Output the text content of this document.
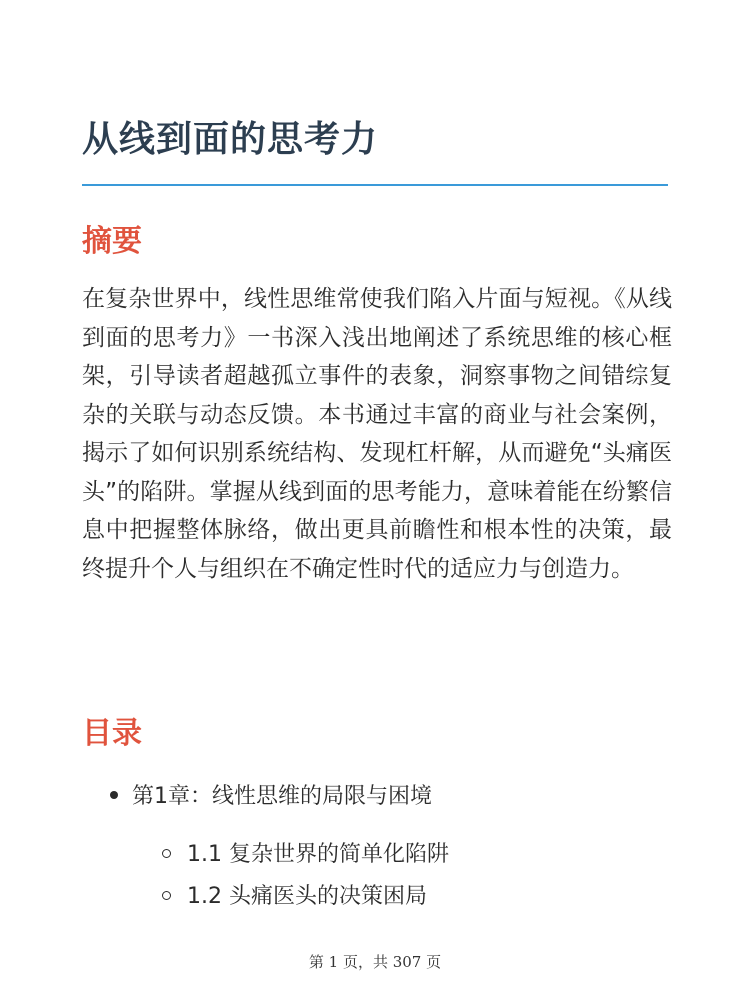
从线到面的思考力
摘要

在复杂世界中，线性思维常使我们陷入片面与短视。《从线到面的思考力》一书深入浅出地阐述了系统思维的核心框架，引导读者超越孤立事件的表象，洞察事物之间错综复杂的关联与动态反馈。本书通过丰富的商业与社会案例，揭示了如何识别系统结构、发现杠杆解，从而避免“头痛医头”的陷阱。掌握从线到面的思考能力，意味着能在纷繁信息中把握整体脉络，做出更具前瞻性和根本性的决策，最终提升个人与组织在不确定性时代的适应力与创造力。

目录
第1章：线性思维的局限与困境
1.1 复杂世界的简单化陷阱
1.2 头痛医头的决策困局
第 1 页，共 307 页
